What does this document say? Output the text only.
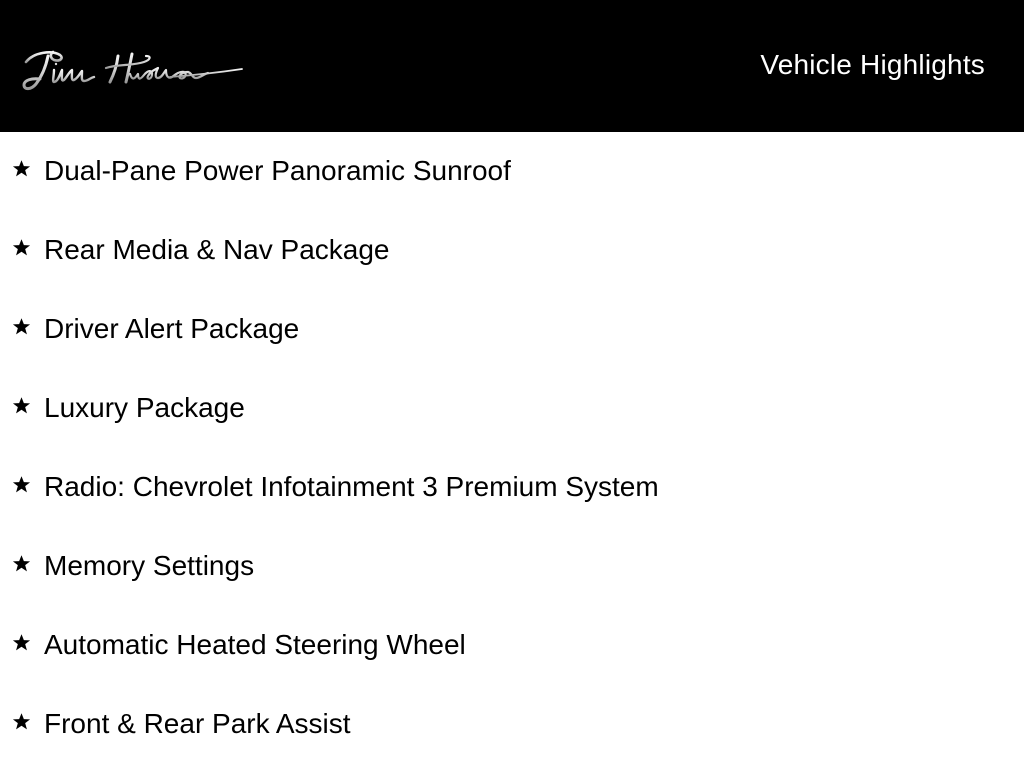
Vehicle Highlights
Dual-Pane Power Panoramic Sunroof
Rear Media & Nav Package
Driver Alert Package
Luxury Package
Radio: Chevrolet Infotainment 3 Premium System
Memory Settings
Automatic Heated Steering Wheel
Front & Rear Park Assist
